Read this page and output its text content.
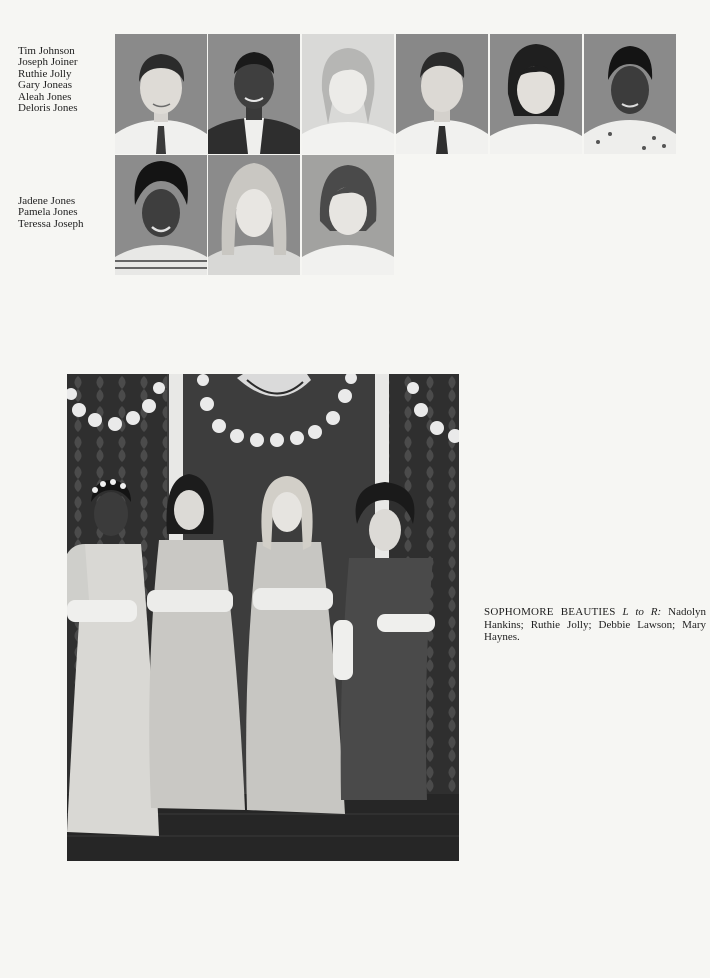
Tim Johnson
Joseph Joiner
Ruthie Jolly
Gary Joneas
Aleah Jones
Deloris Jones
Jadene Jones
Pamela Jones
Teressa Joseph

SOPHOMORE BEAUTIES L to R: Nadolyn Hankins; Ruthie Jolly; Debbie Lawson; Mary Haynes.
